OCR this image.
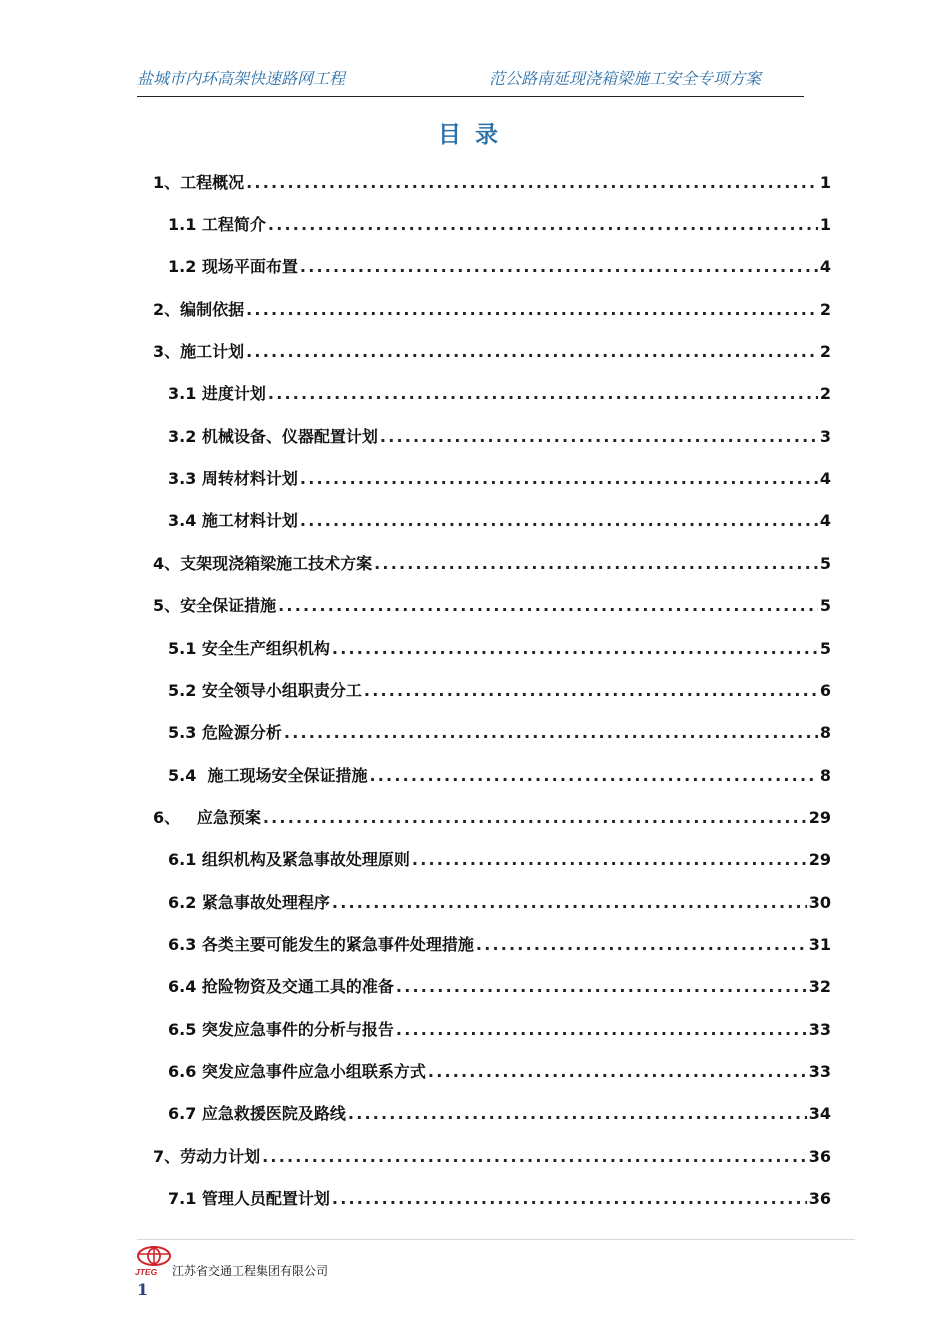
盐城市内环高架快速路网工程	范公路南延现浇箱梁施工安全专项方案
目录
1、工程概况 .....	1
1.1 工程简介 .....	1
1.2 现场平面布置 .....	4
2、编制依据 .....	2
3、施工计划 .....	2
3.1 进度计划 .....	2
3.2 机械设备、仪器配置计划 .....	3
3.3 周转材料计划 .....	4
3.4 施工材料计划 .....	4
4、支架现浇箱梁施工技术方案 .....	5
5、安全保证措施 .....	5
5.1 安全生产组织机构 .....	5
5.2 安全领导小组职责分工 .....	6
5.3 危险源分析 .....	8
5.4  施工现场安全保证措施 .....	8
6、   应急预案 .....	29
6.1 组织机构及紧急事故处理原则 .....	29
6.2 紧急事故处理程序 .....	30
6.3 各类主要可能发生的紧急事件处理措施 .....	31
6.4 抢险物资及交通工具的准备 .....	32
6.5 突发应急事件的分析与报告 .....	33
6.6 突发应急事件应急小组联系方式 .....	33
6.7 应急救援医院及路线 .....	34
7、劳动力计划 .....	36
7.1 管理人员配置计划 .....	36
JTEG 江苏省交通工程集团有限公司
1
